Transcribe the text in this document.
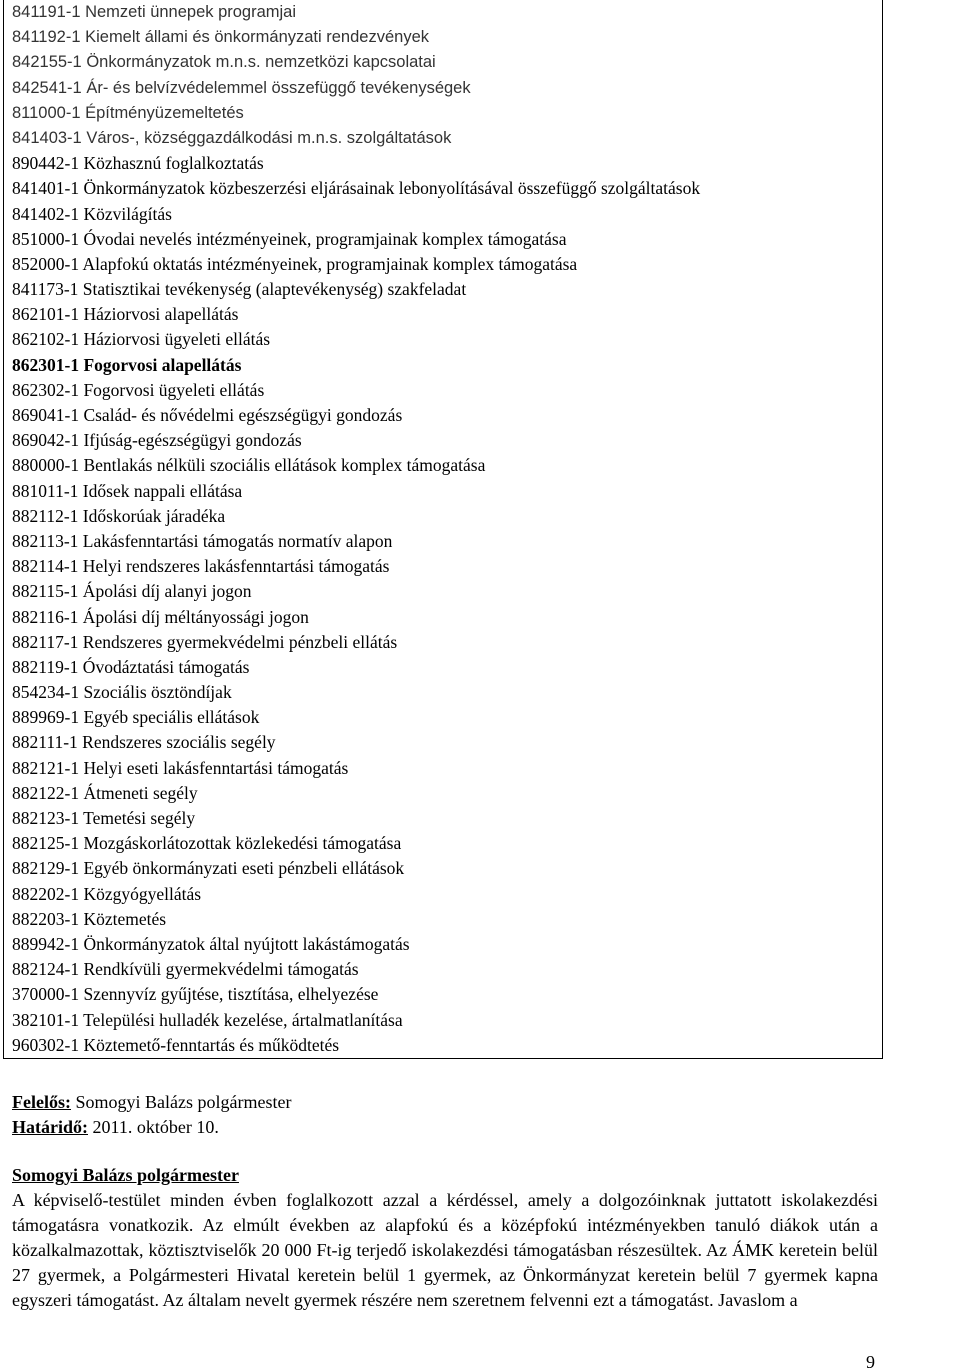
841191-1 Nemzeti ünnepek programjai
841192-1 Kiemelt állami és önkormányzati rendezvények
842155-1 Önkormányzatok m.n.s. nemzetközi kapcsolatai
842541-1 Ár- és belvízvédelemmel összefüggő tevékenységek
811000-1 Építményüzemeltetés
841403-1 Város-, községgazdálkodási m.n.s. szolgáltatások
890442-1 Közhasznú foglalkoztatás
841401-1 Önkormányzatok közbeszerzési eljárásainak lebonyolításával összefüggő szolgáltatások
841402-1 Közvilágítás
851000-1 Óvodai nevelés intézményeinek, programjainak komplex támogatása
852000-1 Alapfokú oktatás intézményeinek, programjainak komplex támogatása
841173-1 Statisztikai tevékenység (alaptevékenység) szakfeladat
862101-1 Háziorvosi alapellátás
862102-1 Háziorvosi ügyeleti ellátás
862301-1 Fogorvosi alapellátás
862302-1 Fogorvosi ügyeleti ellátás
869041-1 Család- és nővédelmi egészségügyi gondozás
869042-1 Ifjúság-egészségügyi gondozás
880000-1 Bentlakás nélküli szociális ellátások komplex támogatása
881011-1 Idősek nappali ellátása
882112-1 Időskorúak járadéka
882113-1 Lakásfenntartási támogatás normatív alapon
882114-1 Helyi rendszeres lakásfenntartási támogatás
882115-1 Ápolási díj alanyi jogon
882116-1 Ápolási díj méltányossági jogon
882117-1 Rendszeres gyermekvédelmi pénzbeli ellátás
882119-1 Óvodáztatási támogatás
854234-1 Szociális ösztöndíjak
889969-1 Egyéb speciális ellátások
882111-1 Rendszeres szociális segély
882121-1 Helyi eseti lakásfenntartási támogatás
882122-1 Átmeneti segély
882123-1 Temetési segély
882125-1 Mozgáskorlátozottak közlekedési támogatása
882129-1 Egyéb önkormányzati eseti pénzbeli ellátások
882202-1 Közgyógyellátás
882203-1 Köztemetés
889942-1 Önkormányzatok által nyújtott lakástámogatás
882124-1 Rendkívüli gyermekvédelmi támogatás
370000-1 Szennyvíz gyűjtése, tisztítása, elhelyezése
382101-1 Települési hulladék kezelése, ártalmatlanítása
960302-1 Köztemető-fenntartás és működtetés
Felelős: Somogyi Balázs polgármester
Határidő: 2011. október 10.
Somogyi Balázs polgármester
A képviselő-testület minden évben foglalkozott azzal a kérdéssel, amely a dolgozóinknak juttatott iskolakezdési támogatásra vonatkozik. Az elmúlt években az alapfokú és a középfokú intézményekben tanuló diákok után a közalkalmazottak, köztisztviselők 20 000 Ft-ig terjedő iskolakezdési támogatásban részesültek. Az ÁMK keretein belül 27 gyermek, a Polgármesteri Hivatal keretein belül 1 gyermek, az Önkormányzat keretein belül 7 gyermek kapna egyszeri támogatást. Az általam nevelt gyermek részére nem szeretnem felvenni ezt a támogatást. Javaslom a
9
